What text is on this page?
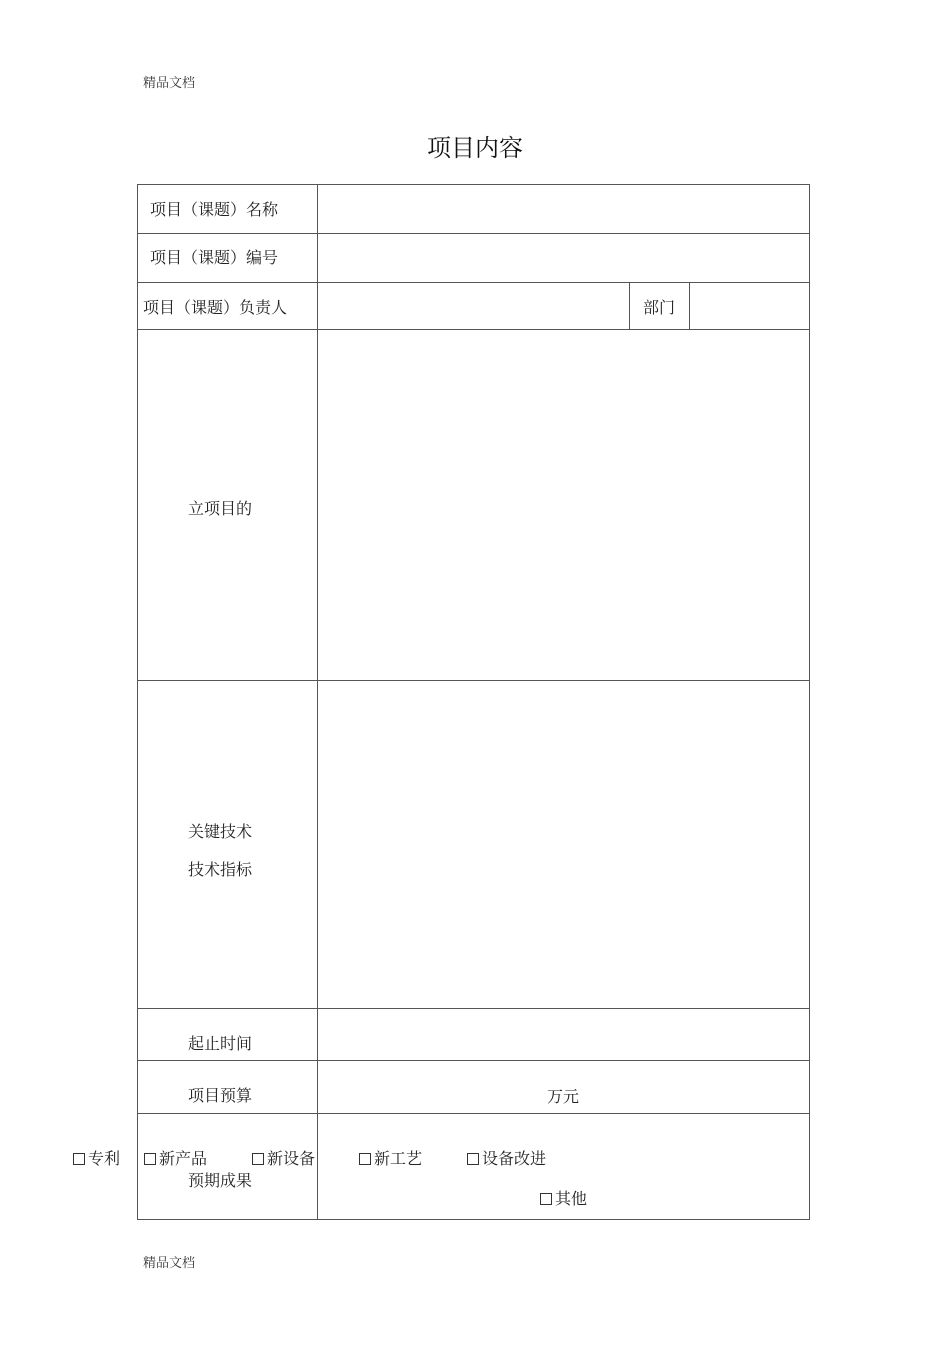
精品文档
项目内容
项目（课题）名称
项目（课题）编号
项目（课题）负责人	部门
立项目的
关键技术
技术指标
起止时间
项目预算	万元
预期成果
专利	新产品	新设备	新工艺	设备改进
其他
精品文档
